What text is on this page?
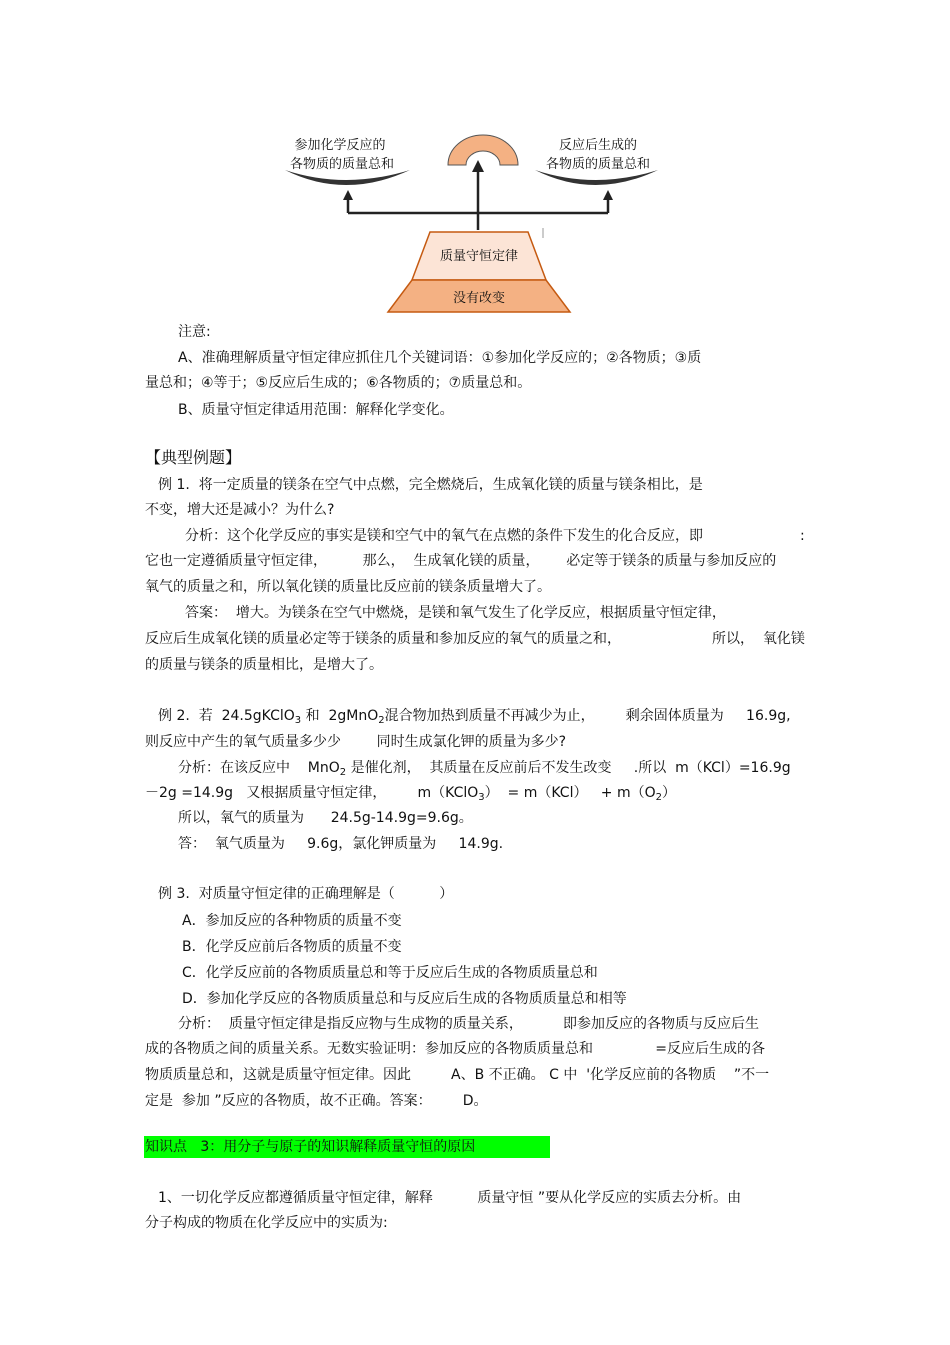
参加化学反应的
各物质的质量总和
反应后生成的
各物质的质量总和
质量守恒定律
没有改变
注意:
A、准确理解质量守恒定律应抓住几个关键词语：①参加化学反应的；②各物质；③质
量总和；④等于；⑤反应后生成的；⑥各物质的；⑦质量总和。
B、质量守恒定律适用范围：解释化学变化。
【典型例题】
例 1.  将一定质量的镁条在空气中点燃，完全燃烧后，生成氧化镁的质量与镁条相比，是
不变，增大还是减小？为什么?
分析：这个化学反应的事实是镁和空气中的氧气在点燃的条件下发生的化合反应，即	:
它也一定遵循质量守恒定律，        那么，  生成氧化镁的质量，      必定等于镁条的质量与参加反应的
氧气的质量之和，所以氧化镁的质量比反应前的镁条质量增大了。
答案：  增大。为镁条在空气中燃烧，是镁和氧气发生了化学反应，根据质量守恒定律，
反应后生成氧化镁的质量必定等于镁条的质量和参加反应的氧气的质量之和，	所以，  氧化镁
的质量与镁条的质量相比，是增大了。
例 2.  若  24.5gKClO$_3$ 和  2gMnO$_2$混合物加热到质量不再减少为止，       剩余固体质量为     16.9g,
则反应中产生的氧气质量多少少        同时生成氯化钾的质量为多少?
分析：在该反应中    MnO$_2$ 是催化剂，  其质量在反应前后不发生改变     .所以  m（KCl）=16.9g
－2g =14.9g   又根据质量守恒定律，       m（KClO$_3$）  = $m(KCl) + m(O_2)$
所以，氧气的质量为      24.5g-14.9g=9.6g。
答：  氧气质量为     9.6g，氯化钾质量为     14.9g.
例 3.  对质量守恒定律的正确理解是（          ）
A．参加反应的各种物质的质量不变
B．化学反应前后各物质的质量不变
C．化学反应前的各物质质量总和等于反应后生成的各物质质量总和
D．参加化学反应的各物质质量总和与反应后生成的各物质质量总和相等
分析：  质量守恒定律是指反应物与生成物的质量关系，         即参加反应的各物质与反应后生
成的各物质之间的质量关系。无数实验证明：参加反应的各物质质量总和              =反应后生成的各
物质质量总和，这就是质量守恒定律。因此         A、B 不正确。 C 中  '化学反应前的各物质    ”不一
定是  参加 ”反应的各物质，故不正确。答案：       D。
知识点   3：用分子与原子的知识解释质量守恒的原因
1、一切化学反应都遵循质量守恒定律，解释          质量守恒 ”要从化学反应的实质去分析。由
分子构成的物质在化学反应中的实质为:
